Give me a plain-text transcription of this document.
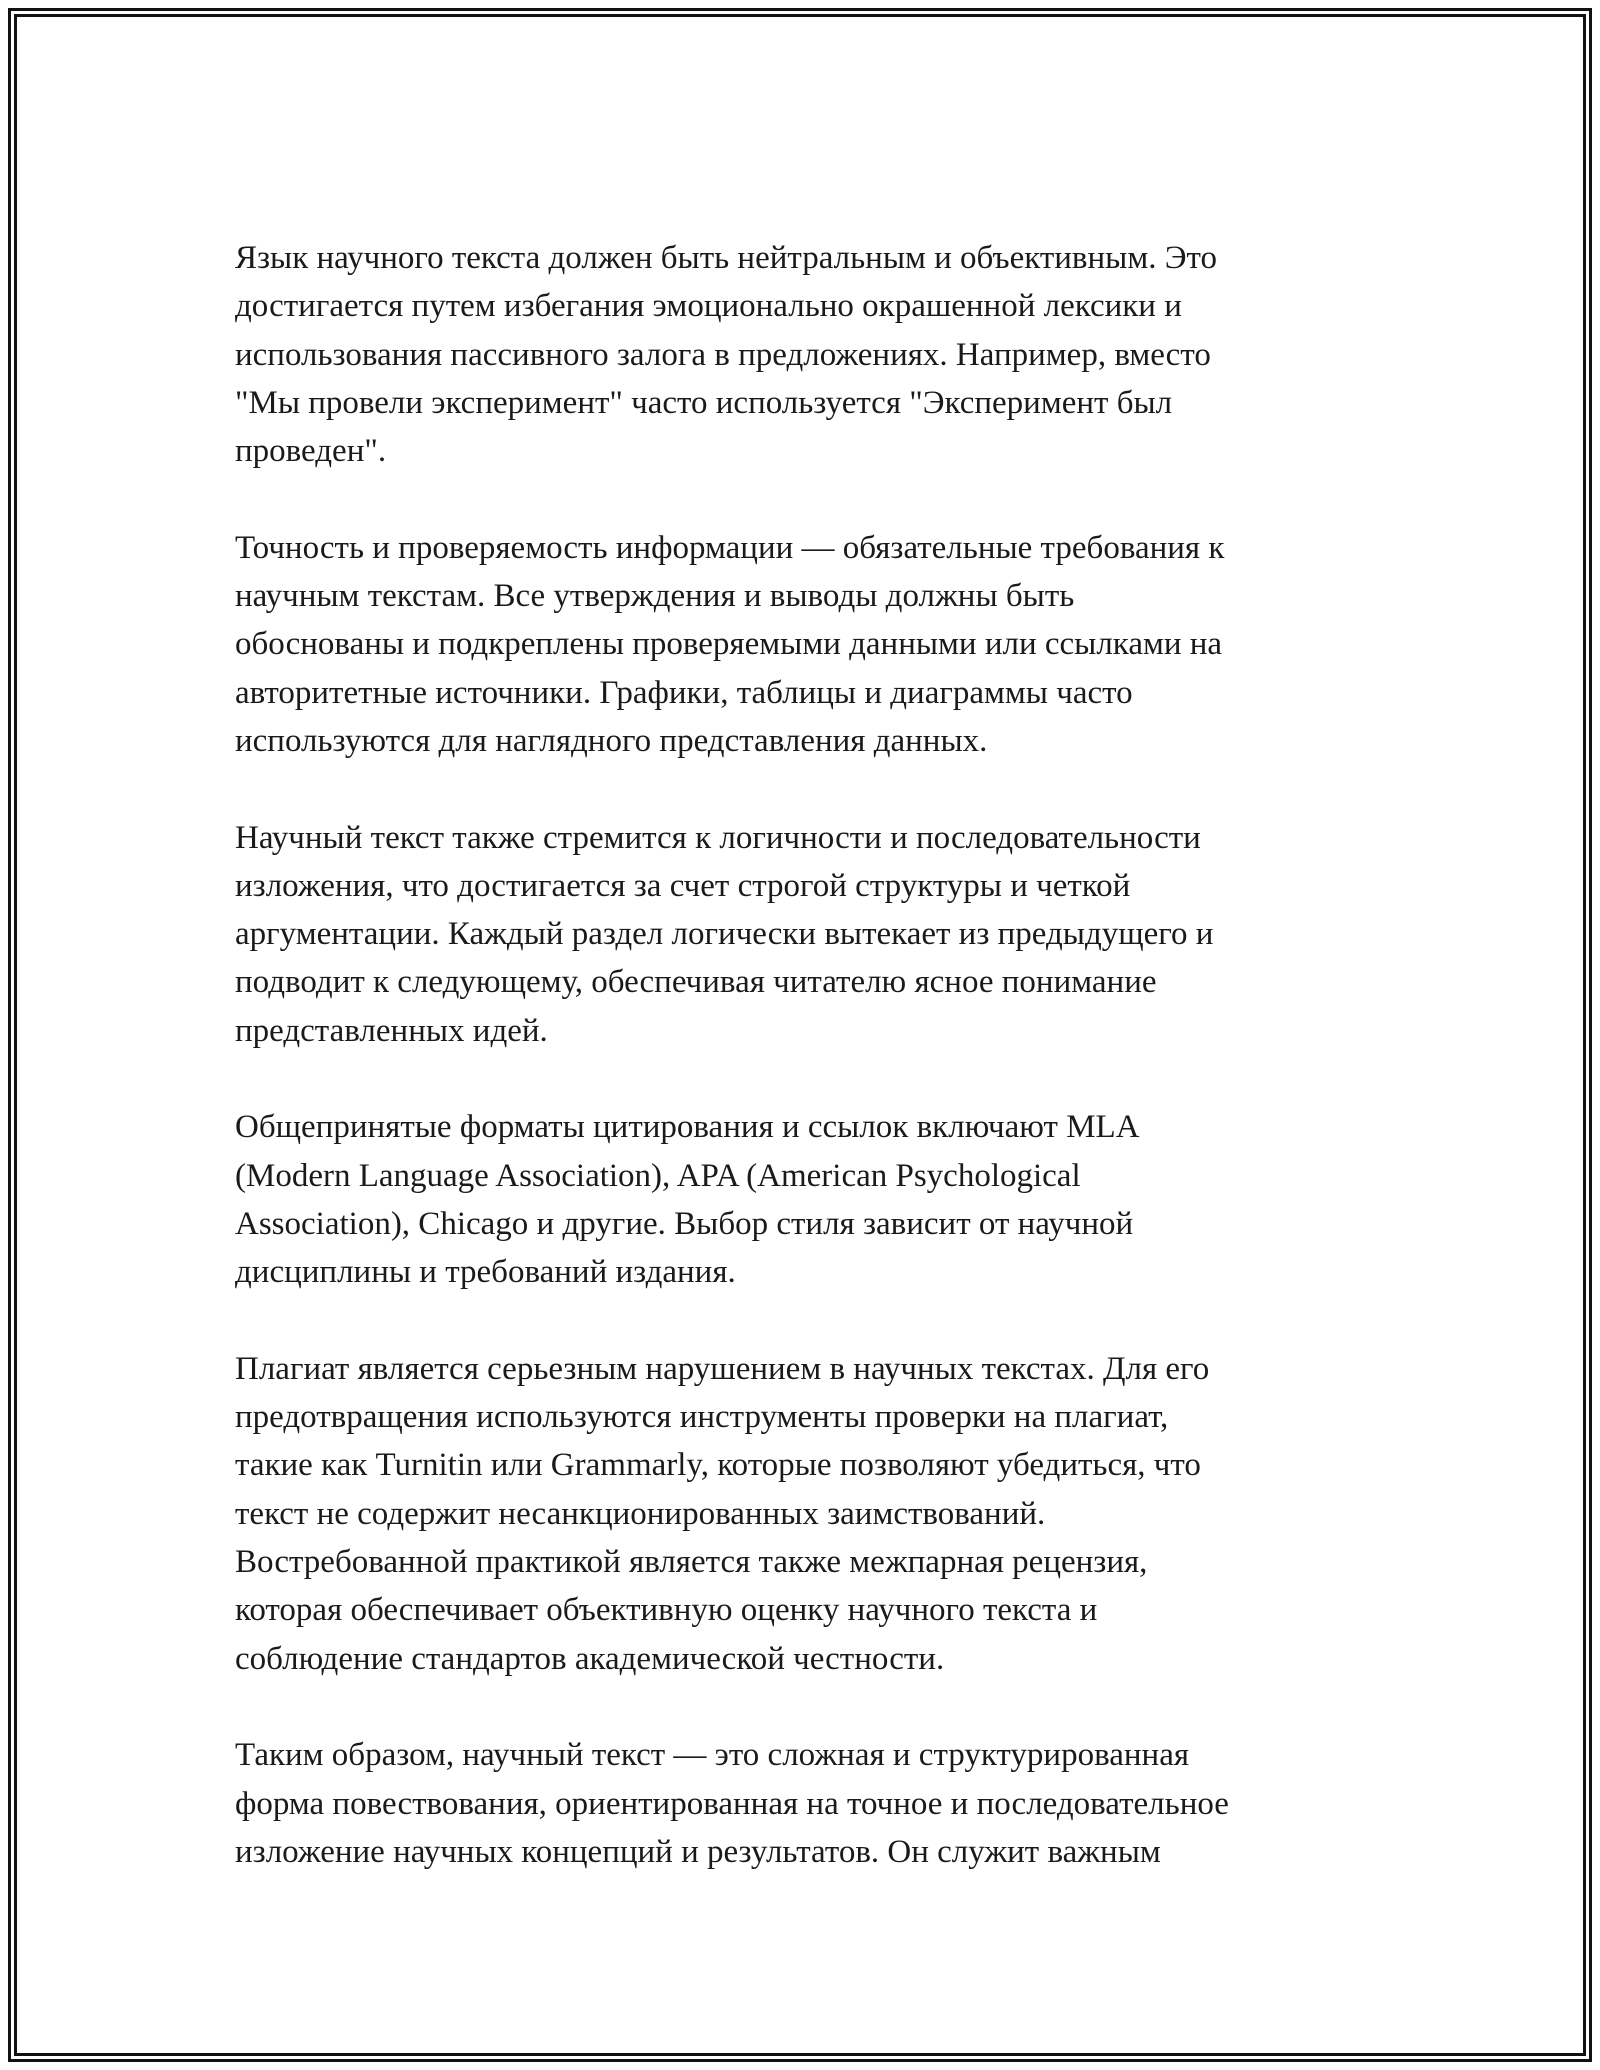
Язык научного текста должен быть нейтральным и объективным. Это
достигается путем избегания эмоционально окрашенной лексики и
использования пассивного залога в предложениях. Например, вместо
"Мы провели эксперимент" часто используется "Эксперимент был
проведен".

Точность и проверяемость информации — обязательные требования к
научным текстам. Все утверждения и выводы должны быть
обоснованы и подкреплены проверяемыми данными или ссылками на
авторитетные источники. Графики, таблицы и диаграммы часто
используются для наглядного представления данных.

Научный текст также стремится к логичности и последовательности
изложения, что достигается за счет строгой структуры и четкой
аргументации. Каждый раздел логически вытекает из предыдущего и
подводит к следующему, обеспечивая читателю ясное понимание
представленных идей.

Общепринятые форматы цитирования и ссылок включают MLA
(Modern Language Association), APA (American Psychological
Association), Chicago и другие. Выбор стиля зависит от научной
дисциплины и требований издания.

Плагиат является серьезным нарушением в научных текстах. Для его
предотвращения используются инструменты проверки на плагиат,
такие как Turnitin или Grammarly, которые позволяют убедиться, что
текст не содержит несанкционированных заимствований.
Востребованной практикой является также межпарная рецензия,
которая обеспечивает объективную оценку научного текста и
соблюдение стандартов академической честности.

Таким образом, научный текст — это сложная и структурированная
форма повествования, ориентированная на точное и последовательное
изложение научных концепций и результатов. Он служит важным
